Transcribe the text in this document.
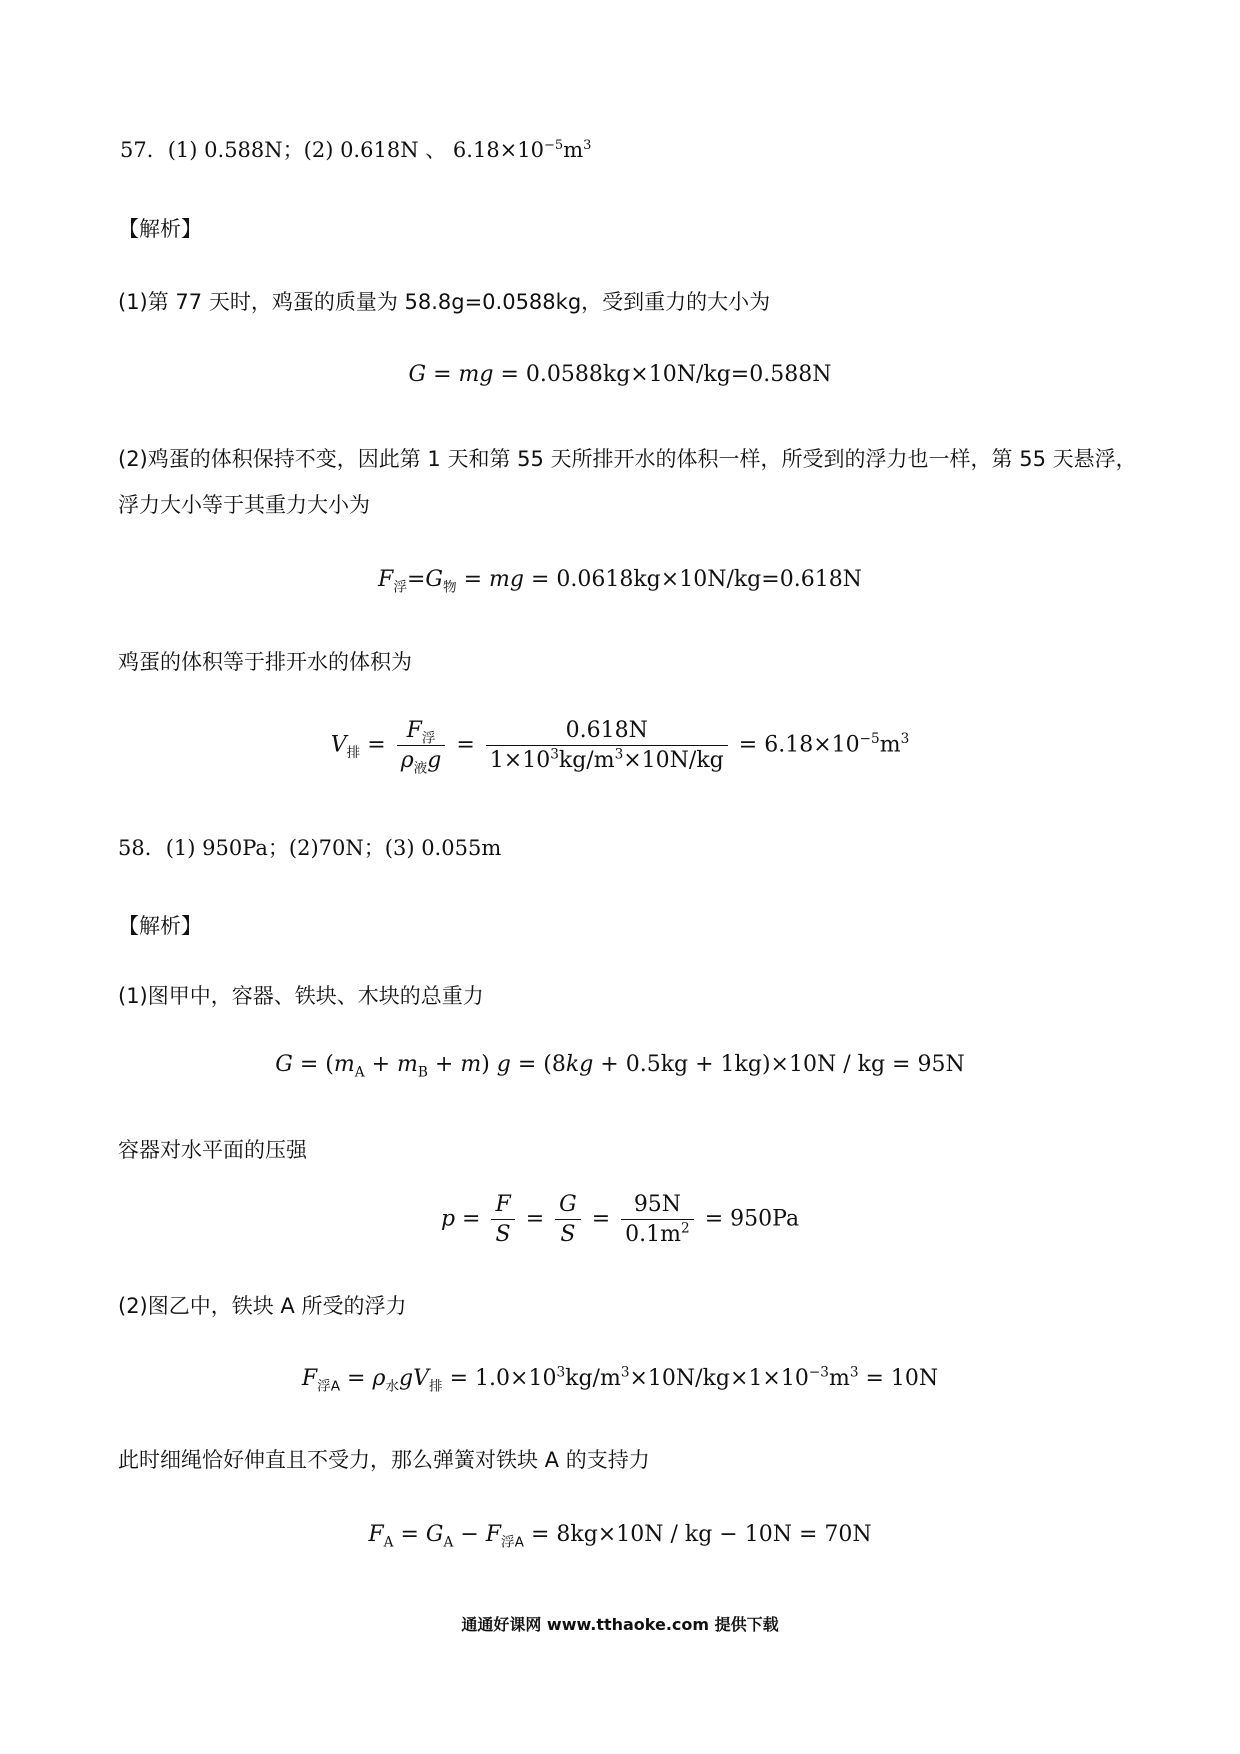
57．(1) 0.588N；(2) 0.618N 、 $6.18\times 10^{-5}m^3$
【解析】
(1)第 77 天时，鸡蛋的质量为 58.8g=0.0588kg，受到重力的大小为
G = mg = 0.0588kg×10N/kg=0.588N
(2)鸡蛋的体积保持不变，因此第 1 天和第 55 天所排开水的体积一样，所受到的浮力也一样，第 55 天悬浮，
浮力大小等于其重力大小为
$F_浮=G_物$ = mg = 0.0618kg×10N/kg=0.618N
鸡蛋的体积等于排开水的体积为
$V_排 = \frac{F_浮}{\rho_液g} = \frac{0.618N}{1\times 10^3kg/m^3\times 10N/kg} = 6.18\times 10^{-5}m^3$
58．(1) 950Pa；(2)70N；(3) 0.055m
【解析】
(1)图甲中，容器、铁块、木块的总重力
$G = (m_A + m_B + m) g = (8kg + 0.5kg + 1kg)\times 10N$ / kg = 95N
容器对水平面的压强
$p = \frac{F}{S} = \frac{G}{S} = \frac{95N}{0.1m^2} = 950Pa$
(2)图乙中，铁块 A 所受的浮力
$F_{浮A} = \rho_水gV_排 = 1.0\times 10^3kg/m^3\times 10N/kg\times 1\times 10^{-3}m^3 = 10N$
此时细绳恰好伸直且不受力，那么弹簧对铁块 A 的支持力
$F_A = G_A - F_{浮A} = 8kg\times 10N$ / kg − 10N = 70N
通通好课网 www.tthaoke.com 提供下载
